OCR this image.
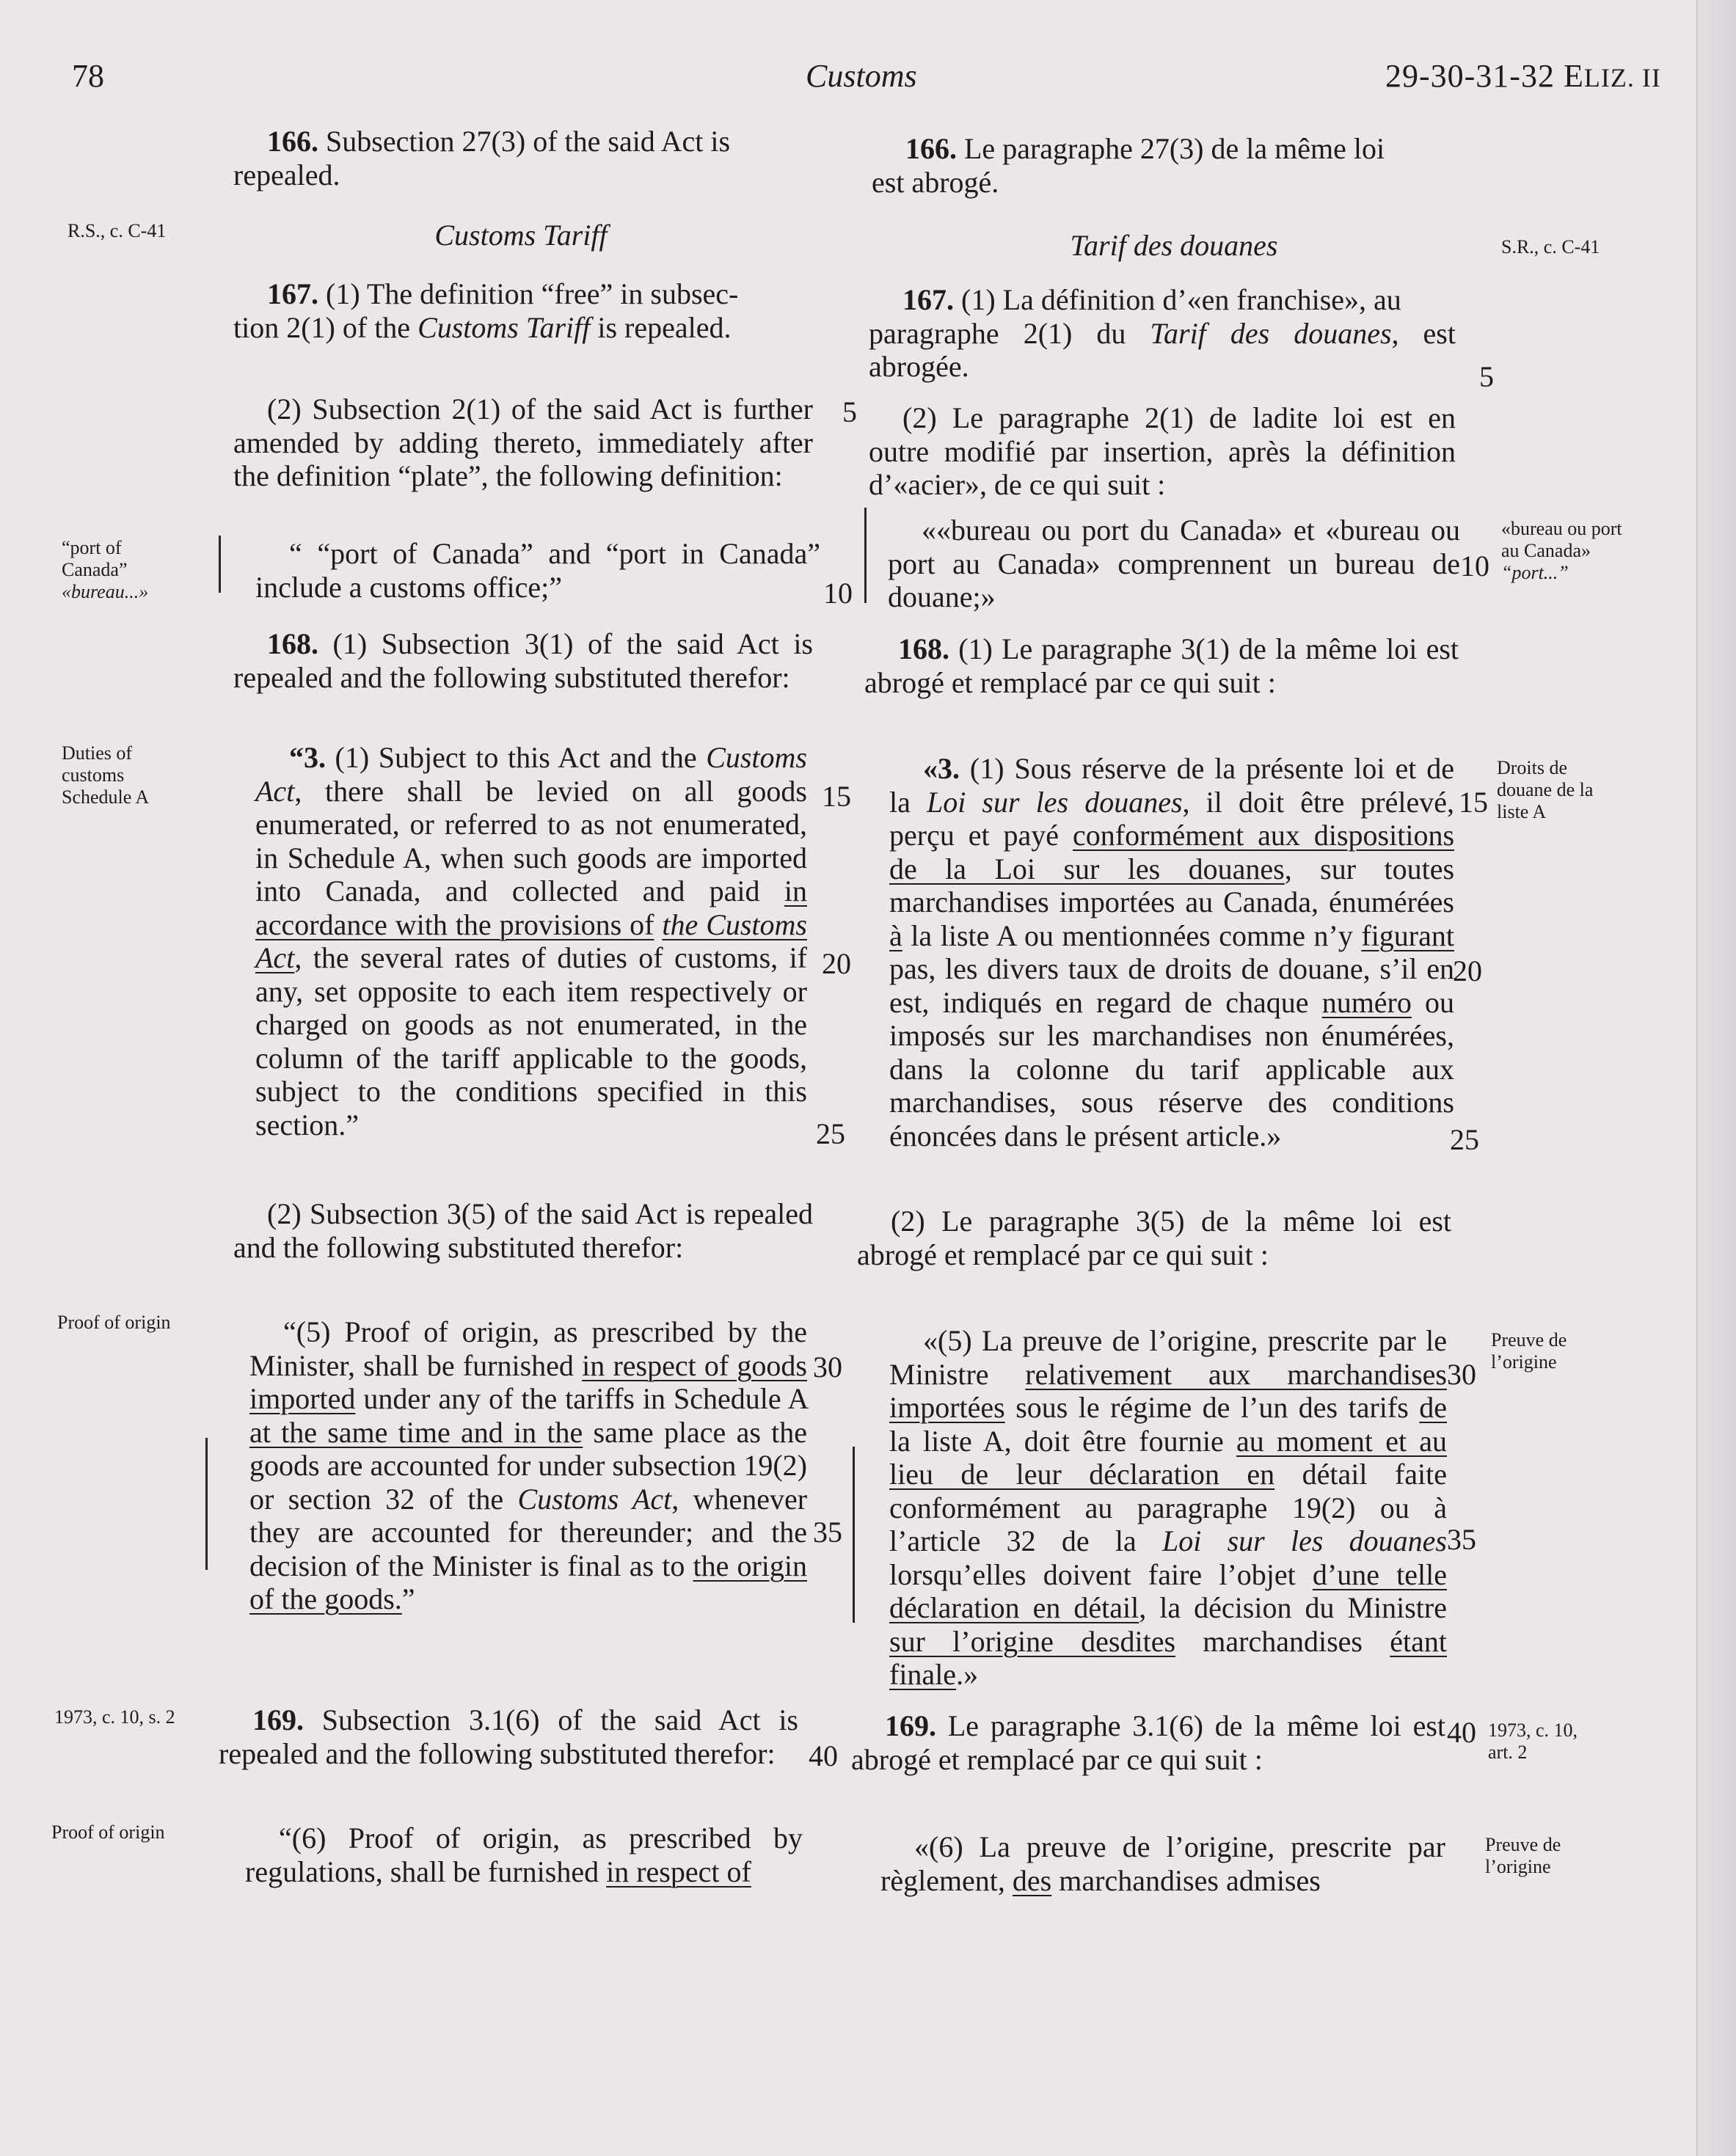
78	Customs	29-30-31-32 ELIZ. II

166. Subsection 27(3) of the said Act is
repealed.

Customs Tariff

167. (1) The definition “free” in subsec-
tion 2(1) of the Customs Tariff is repealed.

(2) Subsection 2(1) of the said Act is further amended by adding thereto, immediately after the definition “plate”, the following definition:

“ “port of Canada” and “port in Canada” include a customs office;”

168. (1) Subsection 3(1) of the said Act is repealed and the following substituted therefor:

“3. (1) Subject to this Act and the Customs Act, there shall be levied on all goods enumerated, or referred to as not enumerated, in Schedule A, when such goods are imported into Canada, and collected and paid in accordance with the provisions of the Customs Act, the several rates of duties of customs, if any, set opposite to each item respectively or charged on goods as not enumerated, in the column of the tariff applicable to the goods, subject to the conditions specified in this section.”

(2) Subsection 3(5) of the said Act is repealed and the following substituted therefor:

“(5) Proof of origin, as prescribed by the Minister, shall be furnished in respect of goods imported under any of the tariffs in Schedule A at the same time and in the same place as the goods are accounted for under subsection 19(2) or section 32 of the Customs Act, whenever they are accounted for thereunder; and the decision of the Minister is final as to the origin of the goods.”

169. Subsection 3.1(6) of the said Act is repealed and the following substituted therefor:

“(6) Proof of origin, as prescribed by regulations, shall be furnished in respect of

166. Le paragraphe 27(3) de la même loi
est abrogé.

Tarif des douanes

167. (1) La définition d’«en franchise», au
paragraphe 2(1) du Tarif des douanes, est abrogée.

(2) Le paragraphe 2(1) de ladite loi est en outre modifié par insertion, après la définition d’«acier», de ce qui suit :

««bureau ou port du Canada» et «bureau ou port au Canada» comprennent un bureau de douane;»

168. (1) Le paragraphe 3(1) de la même loi est abrogé et remplacé par ce qui suit :

«3. (1) Sous réserve de la présente loi et de la Loi sur les douanes, il doit être prélevé, perçu et payé conformément aux dispositions de la Loi sur les douanes, sur toutes marchandises importées au Canada, énumérées à la liste A ou mentionnées comme n’y figurant pas, les divers taux de droits de douane, s’il en est, indiqués en regard de chaque numéro ou imposés sur les marchandises non énumérées, dans la colonne du tarif applicable aux marchandises, sous réserve des conditions énoncées dans le présent article.»

(2) Le paragraphe 3(5) de la même loi est abrogé et remplacé par ce qui suit :

«(5) La preuve de l’origine, prescrite par le Ministre relativement aux marchandises importées sous le régime de l’un des tarifs de la liste A, doit être fournie au moment et au lieu de leur déclaration en détail faite conformément au paragraphe 19(2) ou à l’article 32 de la Loi sur les douanes lorsqu’elles doivent faire l’objet d’une telle déclaration en détail, la décision du Ministre sur l’origine desdites marchandises étant finale.»

169. Le paragraphe 3.1(6) de la même loi est abrogé et remplacé par ce qui suit :

«(6) La preuve de l’origine, prescrite par règlement, des marchandises admises

5
10
15
20
25
30
35
40
5
10
15
20
25
30
35
40
R.S., c. C-41
“port of
Canada”
«bureau...»
Duties of
customs
Schedule A
Proof of origin
1973, c. 10, s. 2
Proof of origin
S.R., c. C-41
«bureau ou port
au Canada»
“port...”
Droits de
douane de la
liste A
Preuve de
l’origine
1973, c. 10,
art. 2
Preuve de
l’origine
